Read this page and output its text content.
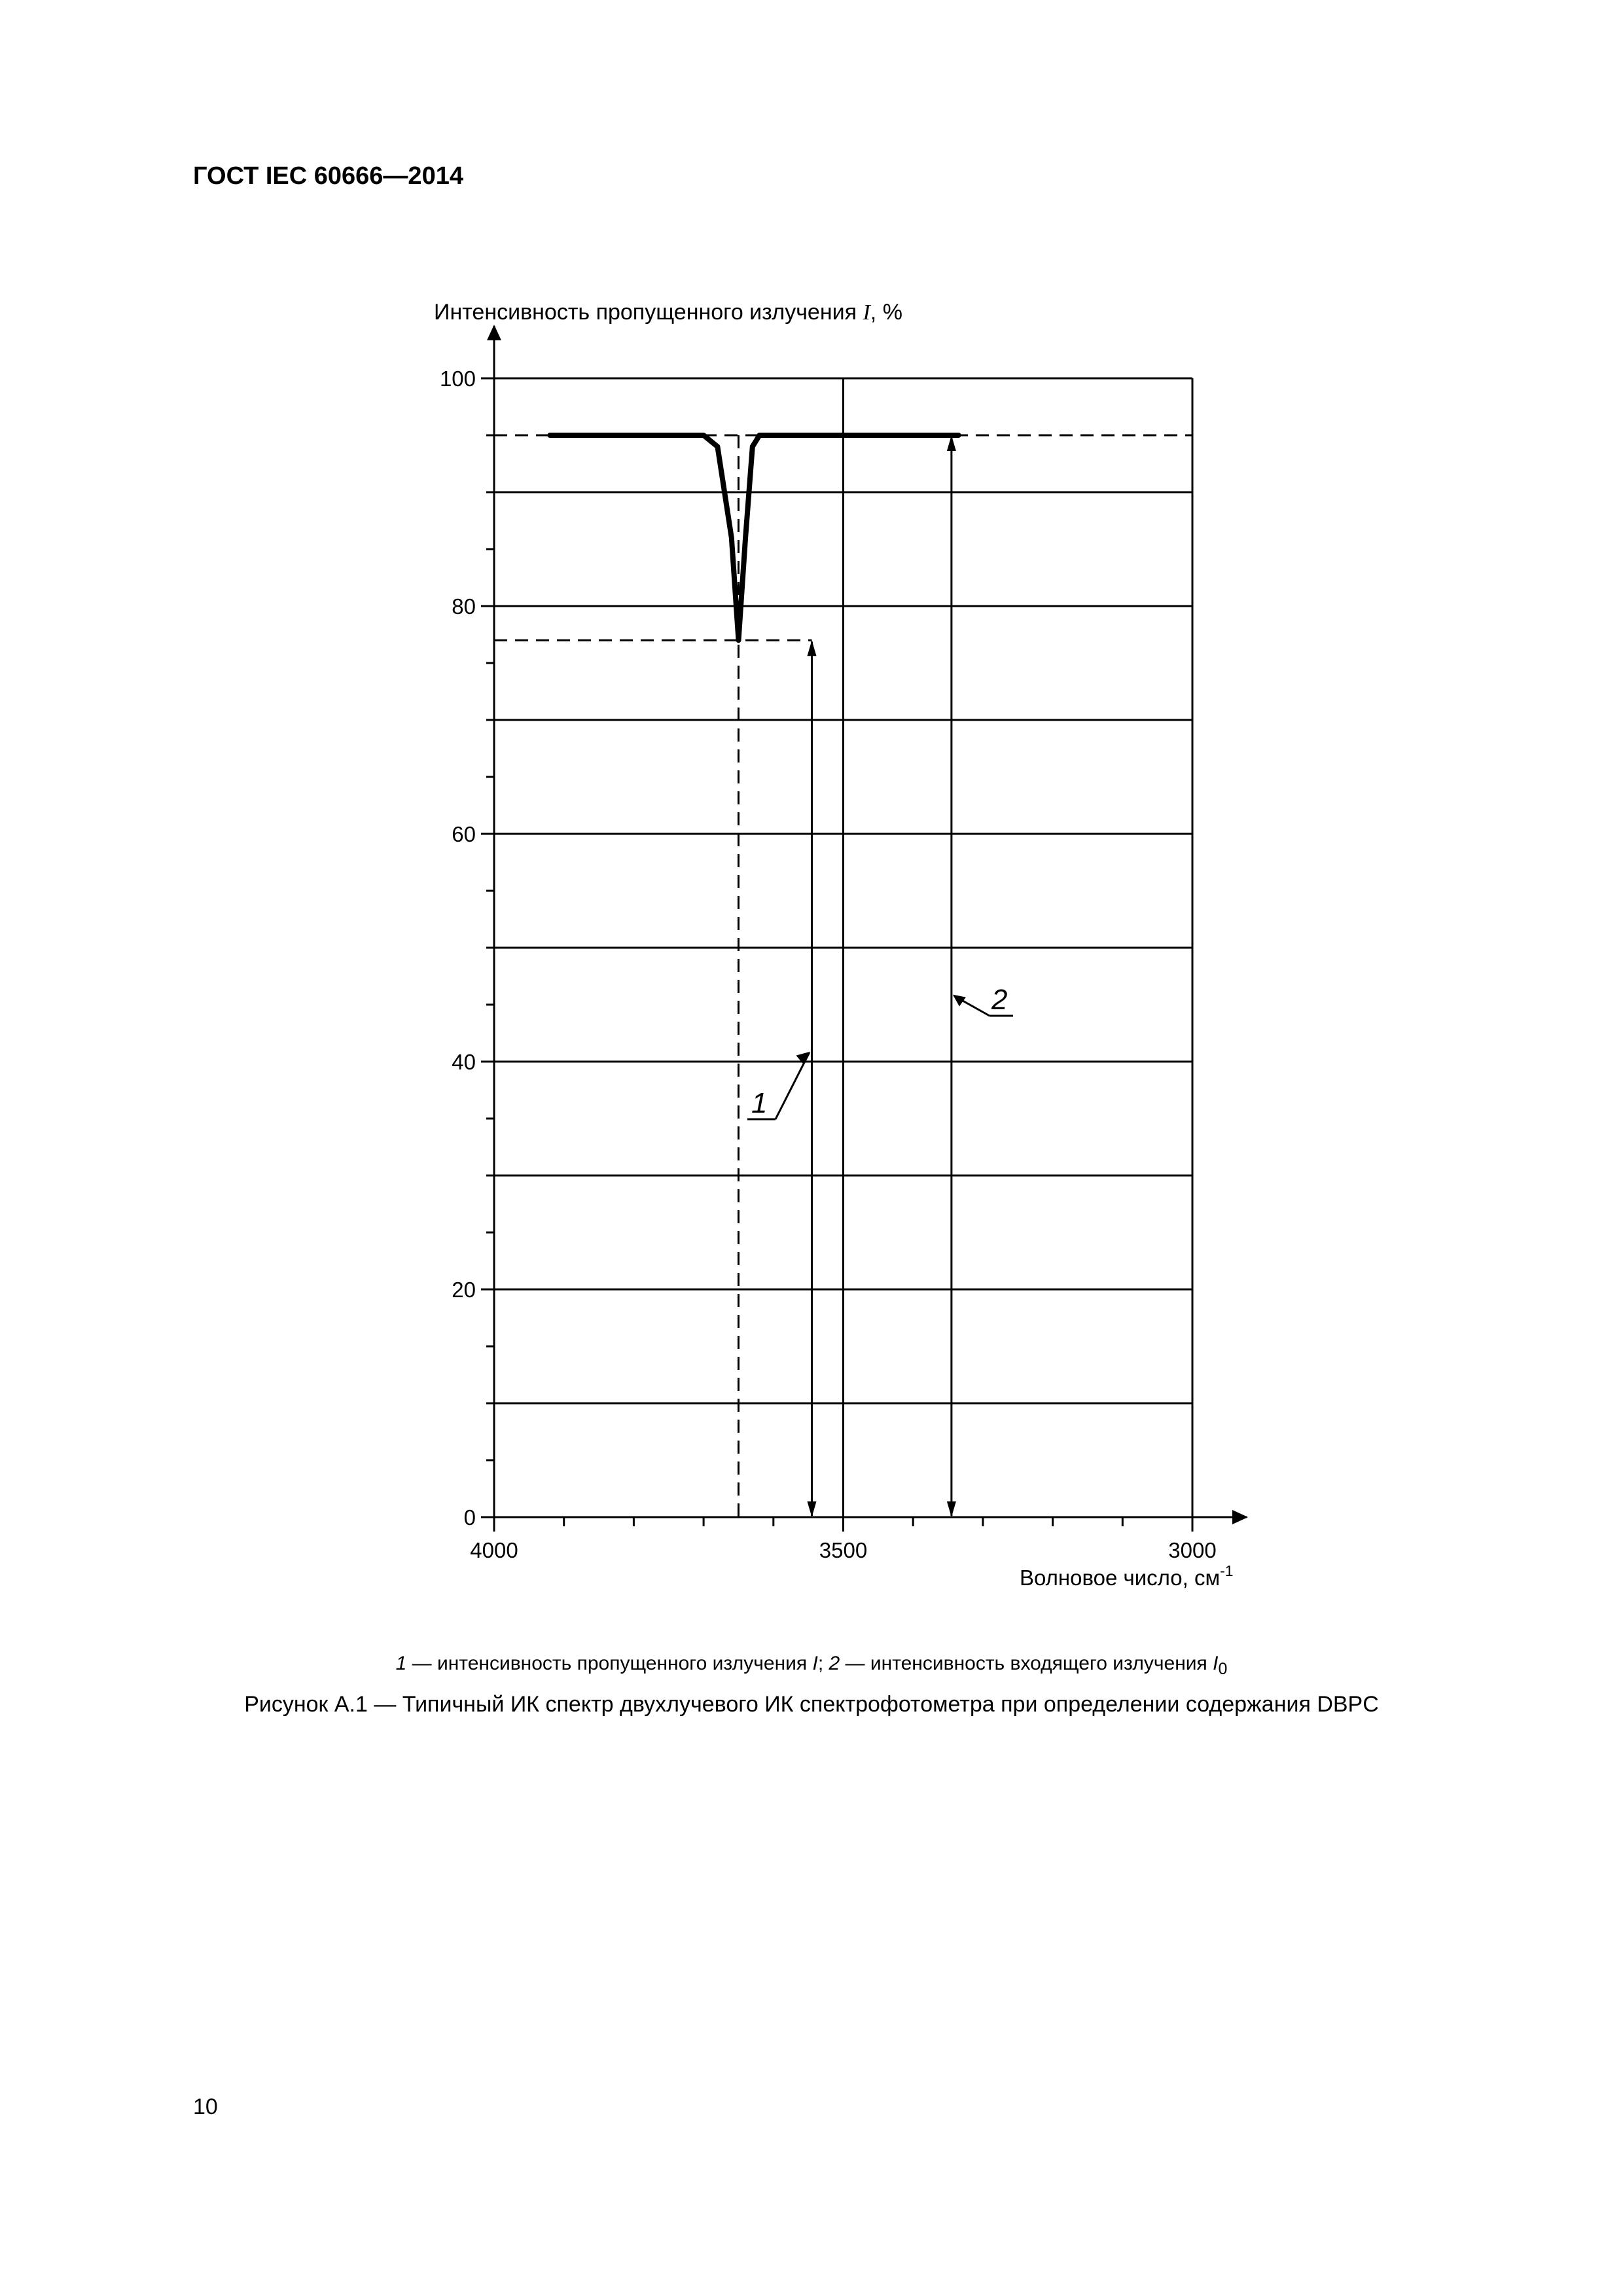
ГОСТ IEC 60666—2014
0
20
40
60
80
100
4000	3500	3000
1
2
Интенсивность пропущенного излучения I, %
Волновое число, $см^{-1}$
1 — интенсивность пропущенного излучения I; 2 — интенсивность входящего излучения $I_0$
Рисунок А.1 — Типичный ИК спектр двухлучевого ИК спектрофотометра при определении содержания DBPC
10
